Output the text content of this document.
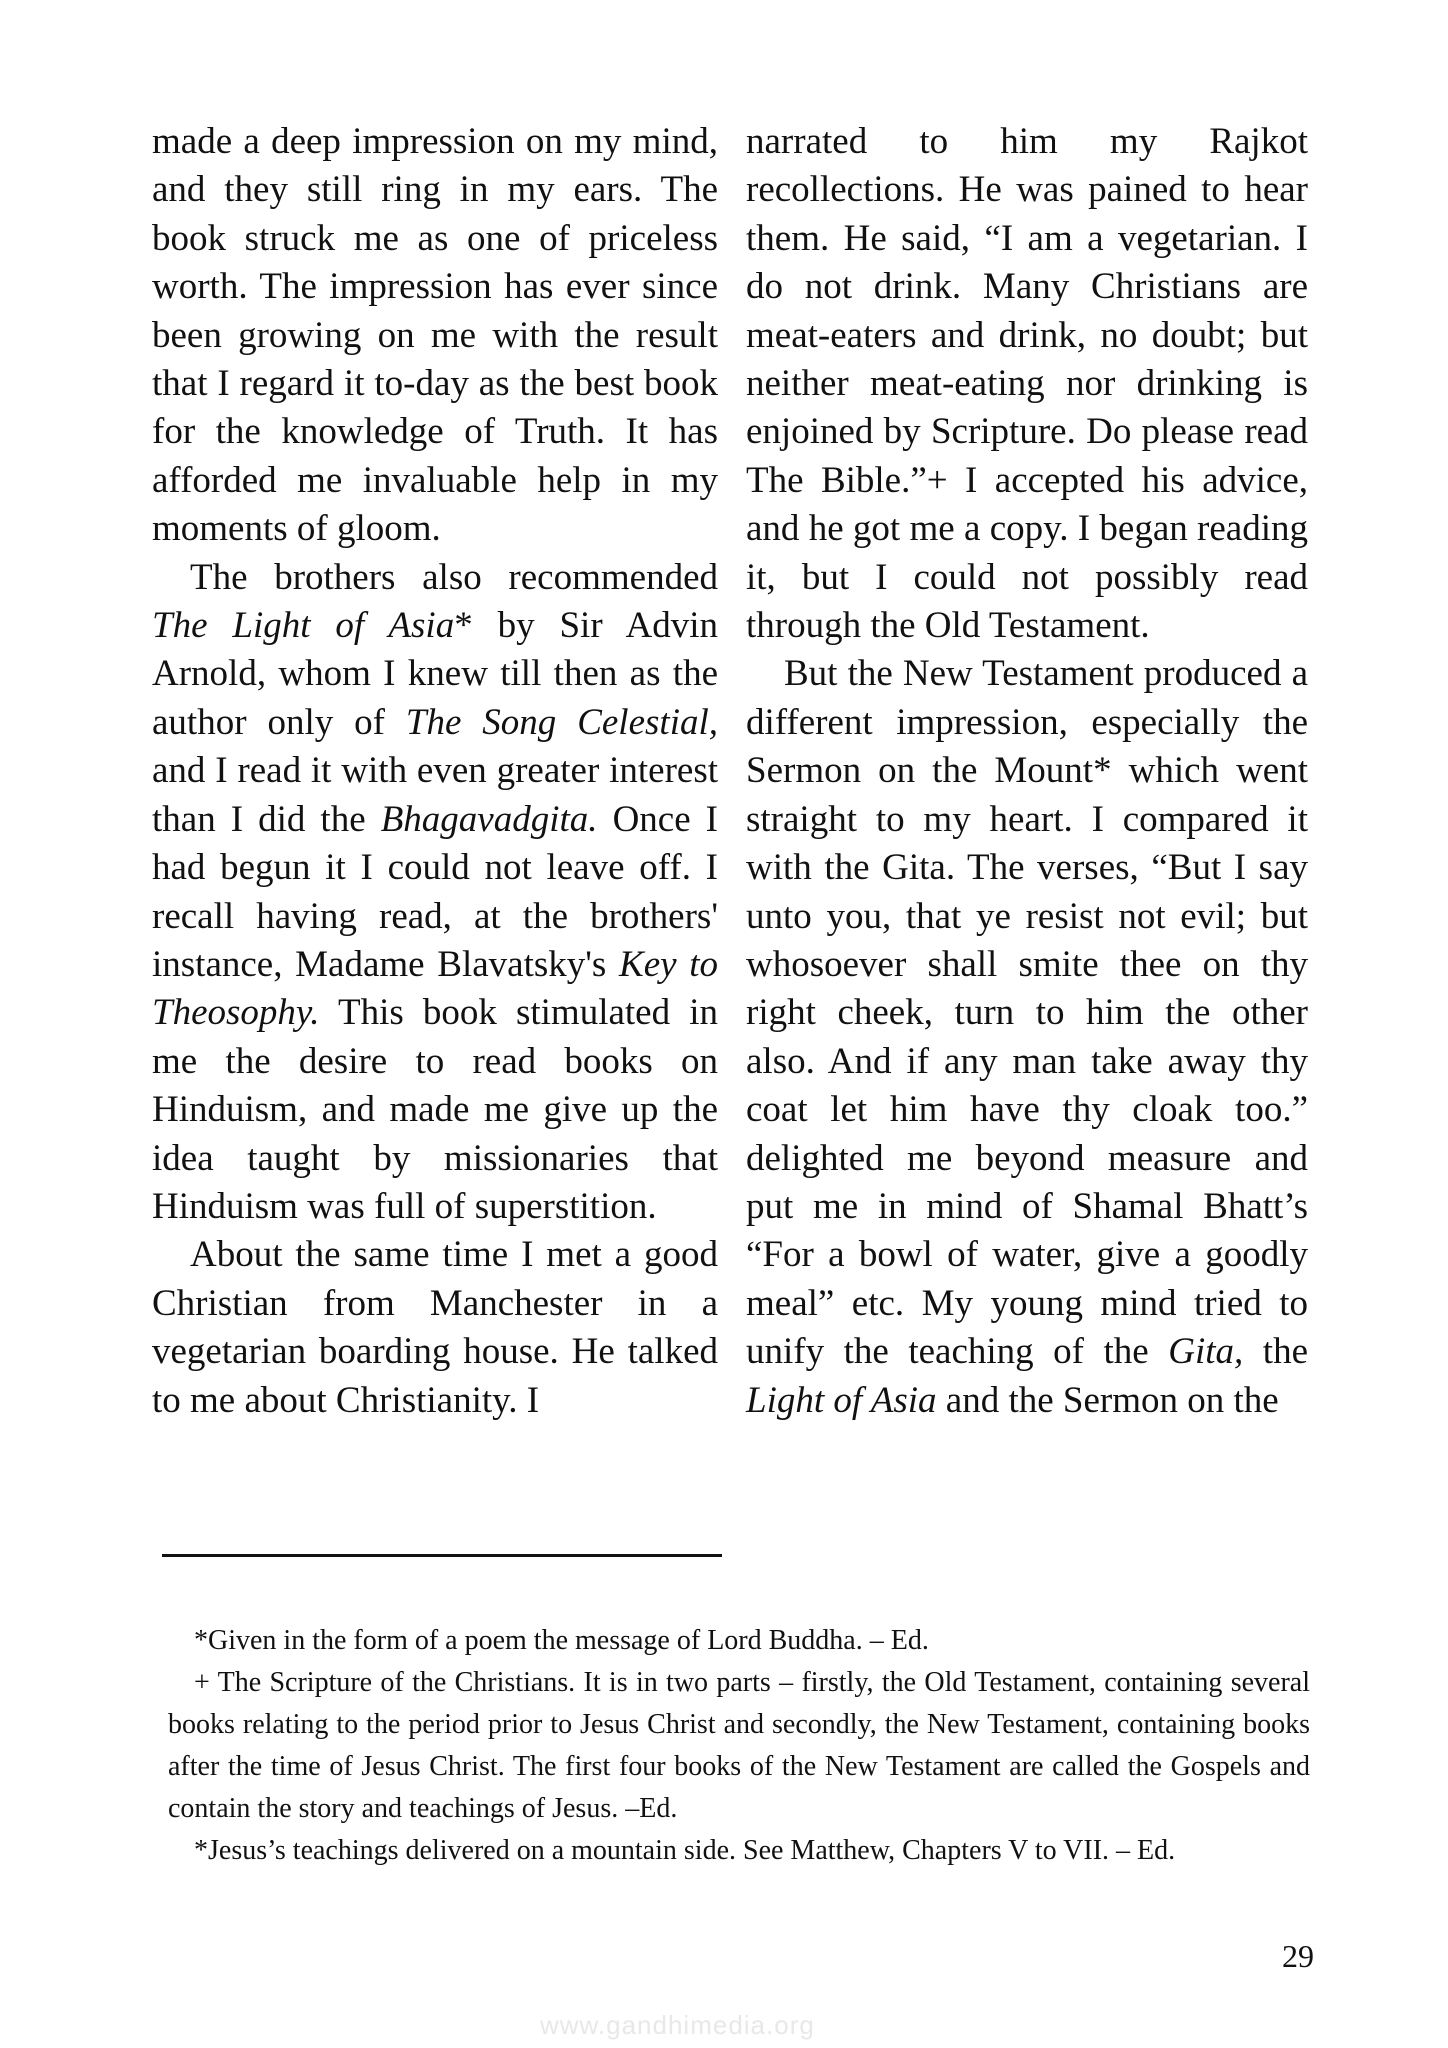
made a deep impression on my mind, and they still ring in my ears. The book struck me as one of priceless worth. The impression has ever since been growing on me with the result that I regard it to-day as the best book for the knowledge of Truth. It has afforded me invaluable help in my moments of gloom.

The brothers also recommended The Light of Asia* by Sir Advin Arnold, whom I knew till then as the author only of The Song Celestial, and I read it with even greater interest than I did the Bhagavadgita. Once I had begun it I could not leave off. I recall having read, at the brothers' instance, Madame Blavatsky's Key to Theosophy. This book stimulated in me the desire to read books on Hinduism, and made me give up the idea taught by missionaries that Hinduism was full of superstition.

About the same time I met a good Christian from Manchester in a vegetarian boarding house. He talked to me about Christianity. I

narrated to him my Rajkot recollections. He was pained to hear them. He said, “I am a vegetarian. I do not drink. Many Christians are meat-eaters and drink, no doubt; but neither meat-eating nor drinking is enjoined by Scripture. Do please read The Bible.”+ I accepted his advice, and he got me a copy. I began reading it, but I could not possibly read through the Old Testament.

But the New Testament produced a different impression, especially the Sermon on the Mount* which went straight to my heart. I compared it with the Gita. The verses, “But I say unto you, that ye resist not evil; but whosoever shall smite thee on thy right cheek, turn to him the other also. And if any man take away thy coat let him have thy cloak too.” delighted me beyond measure and put me in mind of Shamal Bhatt’s “For a bowl of water, give a goodly meal” etc. My young mind tried to unify the teaching of the Gita, the Light of Asia and the Sermon on the

*Given in the form of a poem the message of Lord Buddha. – Ed.

+ The Scripture of the Christians. It is in two parts – firstly, the Old Testament, containing several books relating to the period prior to Jesus Christ and secondly, the New Testament, containing books after the time of Jesus Christ. The first four books of the New Testament are called the Gospels and contain the story and teachings of Jesus. –Ed.

*Jesus’s teachings delivered on a mountain side. See Matthew, Chapters V to VII. – Ed.

29
www.gandhimedia.org
